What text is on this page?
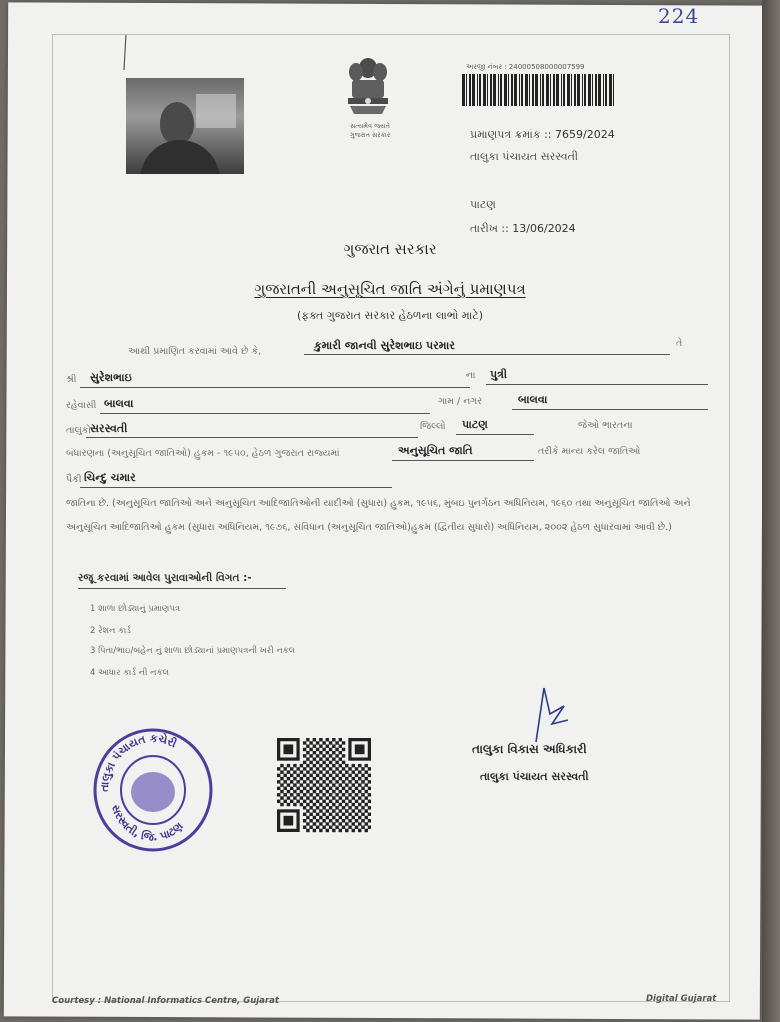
224
સત્યમેવ જયતે
ગુજરાત સરકાર
અરજી નંબર : 24000508000007599
પ્રમાણપત્ર ક્રમાંક :: 7659/2024
તાલુકા પંચાયત સરસ્વતી
પાટણ
તારીખ :: 13/06/2024
ગુજરાત સરકાર
ગુજરાતની અનુસૂચિત જાતિ અંગેનું પ્રમાણપત્ર
(ફક્ત ગુજરાત સરકાર હેઠળના લાભો માટે)
આથી પ્રમાણિત કરવામાં આવે છે કે,	કુમારી જાનવી સુરેશભાઇ પરમાર	તે
શ્રી સુરેશભાઇ	ના પુત્રી
રહેવાસી બાલવા	ગામ / નગર	બાલવા
તાલુકો સરસ્વતી	જિલ્લો પાટણ	જેઓ ભારતના
બંધારણના (અનુસૂચિત જાતિઓ) હુકમ - ૧૯૫૦, હેઠળ ગુજરાત રાજ્યમાં	અનુસૂચિત જાતિ	તરીકે માન્ય કરેલ જાતિઓ
પૈકી ચિન્દુ ચમાર
જાતિના છે. (અનુસૂચિત જાતિઓ અને અનુસૂચિત આદિજાતિઓની યાદીઓ (સુધારા) હુકમ, ૧૯૫૬, મુંબઇ પુનર્ગઠન અધિનિયમ, ૧૯૬૦ તથા અનુસૂચિત જાતિઓ અને અનુસૂચિત આદિજાતિઓ હુકમ (સુધારા અધિનિયમ, ૧૯૭૬, સંવિધાન (અનુસૂચિત જાતિઓ)હુકમ (દ્વિતીય સુધારો) અધિનિયમ, ૨૦૦૨ હેઠળ સુધારવામાં આવી છે.)
રજૂ કરવામાં આવેલ પુરાવાઓની વિગત :-
1 શાળા છોડ્યાનું પ્રમાણપત્ર
2 રેશન કાર્ડ
3 પિતા/ભાઇ/બહેન નું શાળા છોડ્યાનાં પ્રમાણપત્રની ખરી નકલ
4 આધાર કાર્ડ ની નકલ
તાલુકા પંચાયત કચેરી
સરસ્વતી, જિ. પાટણ
તાલુકા વિકાસ અધિકારી
તાલુકા પંચાયત સરસ્વતી
Courtesy : National Informatics Centre, Gujarat	Digital Gujarat
